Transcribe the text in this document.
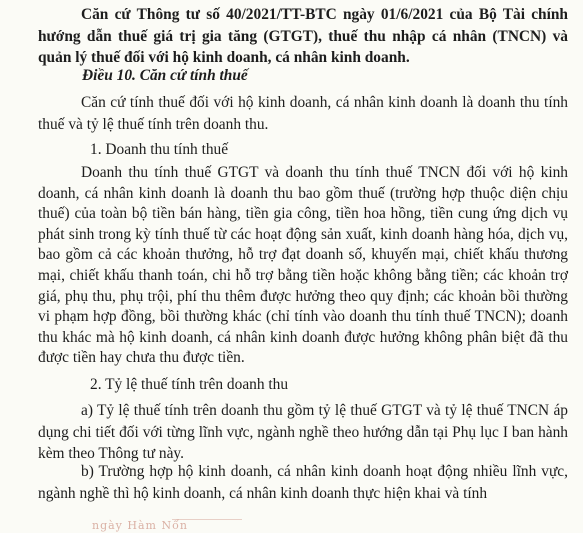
Căn cứ Thông tư số 40/2021/TT-BTC ngày 01/6/2021 của Bộ Tài chính hướng dẫn thuế giá trị gia tăng (GTGT), thuế thu nhập cá nhân (TNCN) và quản lý thuế đối với hộ kinh doanh, cá nhân kinh doanh.
Điều 10. Căn cứ tính thuế
Căn cứ tính thuế đối với hộ kinh doanh, cá nhân kinh doanh là doanh thu tính thuế và tỷ lệ thuế tính trên doanh thu.
1. Doanh thu tính thuế
Doanh thu tính thuế GTGT và doanh thu tính thuế TNCN đối với hộ kinh doanh, cá nhân kinh doanh là doanh thu bao gồm thuế (trường hợp thuộc diện chịu thuế) của toàn bộ tiền bán hàng, tiền gia công, tiền hoa hồng, tiền cung ứng dịch vụ phát sinh trong kỳ tính thuế từ các hoạt động sản xuất, kinh doanh hàng hóa, dịch vụ, bao gồm cả các khoản thưởng, hỗ trợ đạt doanh số, khuyến mại, chiết khấu thương mại, chiết khấu thanh toán, chi hỗ trợ bằng tiền hoặc không bằng tiền; các khoản trợ giá, phụ thu, phụ trội, phí thu thêm được hưởng theo quy định; các khoản bồi thường vi phạm hợp đồng, bồi thường khác (chỉ tính vào doanh thu tính thuế TNCN); doanh thu khác mà hộ kinh doanh, cá nhân kinh doanh được hưởng không phân biệt đã thu được tiền hay chưa thu được tiền.
2. Tỷ lệ thuế tính trên doanh thu
a) Tỷ lệ thuế tính trên doanh thu gồm tỷ lệ thuế GTGT và tỷ lệ thuế TNCN áp dụng chi tiết đối với từng lĩnh vực, ngành nghề theo hướng dẫn tại Phụ lục I ban hành kèm theo Thông tư này.
b) Trường hợp hộ kinh doanh, cá nhân kinh doanh hoạt động nhiều lĩnh vực, ngành nghề thì hộ kinh doanh, cá nhân kinh doanh thực hiện khai và tính
ngày Hàm Nổn
